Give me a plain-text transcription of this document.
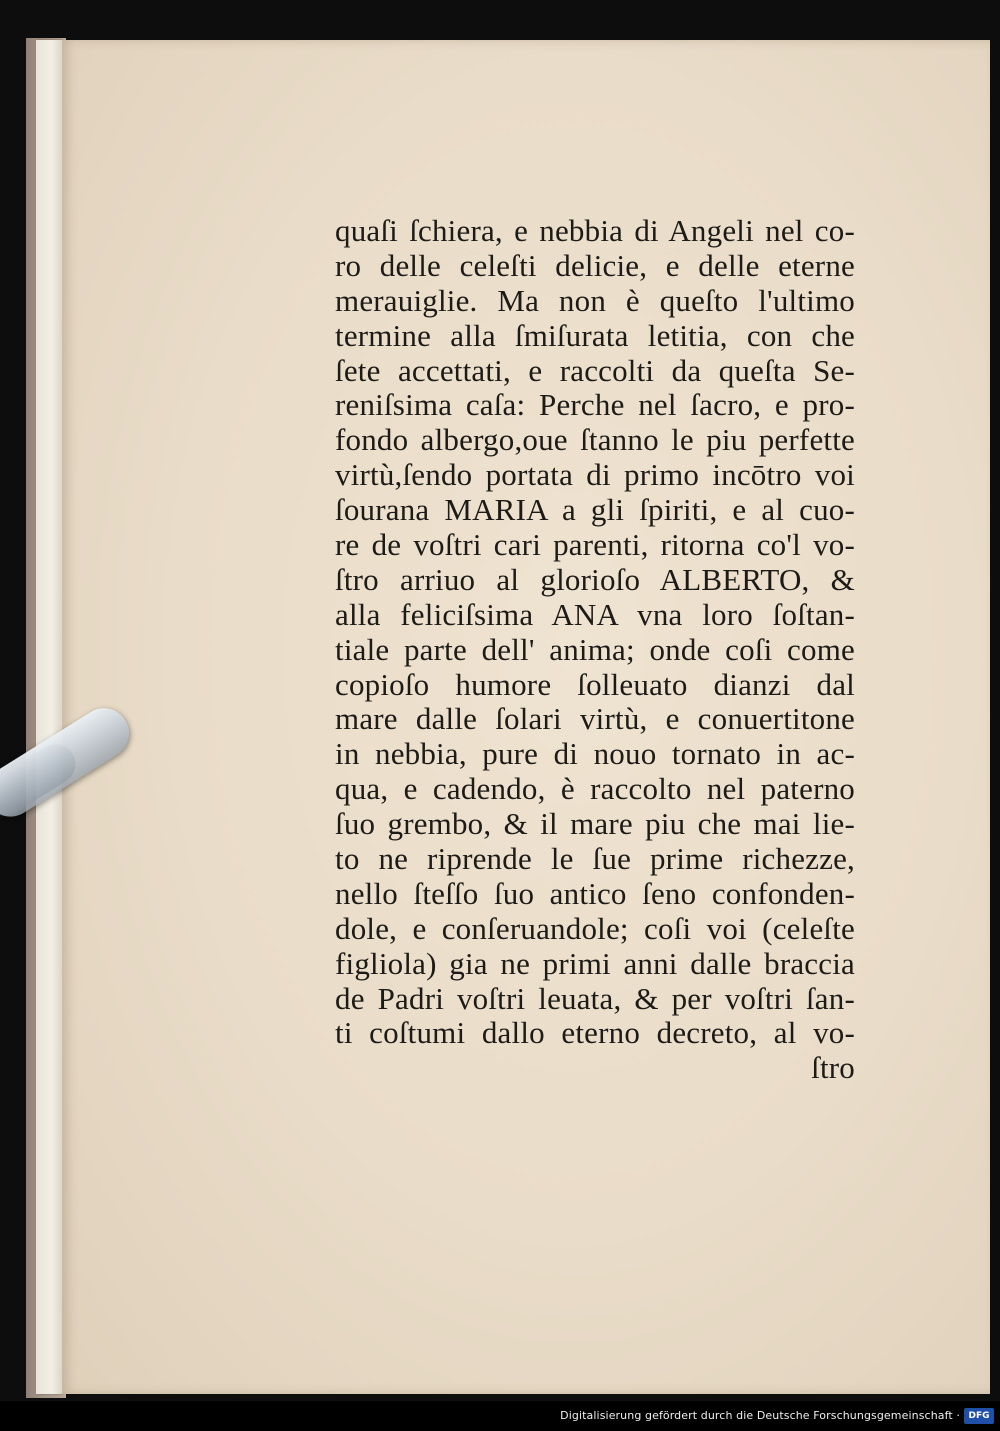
quaſi ſchiera, e nebbia di Angeli nel co-
ro delle celeſti delicie, e delle eterne
merauiglie. Ma non è queſto l'ultimo
termine alla ſmiſurata letitia, con che
ſete accettati, e raccolti da queſta Se-
reniſsima caſa: Perche nel ſacro, e pro-
fondo albergo,oue ſtanno le piu perfette
virtù,ſendo portata di primo incōtro voi
ſourana MARIA a gli ſpiriti, e al cuo-
re de voſtri cari parenti, ritorna co'l vo-
ſtro arriuo al glorioſo ALBERTO, &
alla feliciſsima ANA vna loro ſoſtan-
tiale parte dell' anima; onde coſi come
copioſo humore ſolleuato dianzi dal
mare dalle ſolari virtù, e conuertitone
in nebbia, pure di nouo tornato in ac-
qua, e cadendo, è raccolto nel paterno
ſuo grembo, & il mare piu che mai lie-
to ne riprende le ſue prime richezze,
nello ſteſſo ſuo antico ſeno confonden-
dole, e conſeruandole; coſi voi (celeſte
figliola) gia ne primi anni dalle braccia
de Padri voſtri leuata, & per voſtri ſan-
ti coſtumi dallo eterno decreto, al vo-
ſtro
Digitalisierung gefördert durch die Deutsche Forschungsgemeinschaft · DFG
